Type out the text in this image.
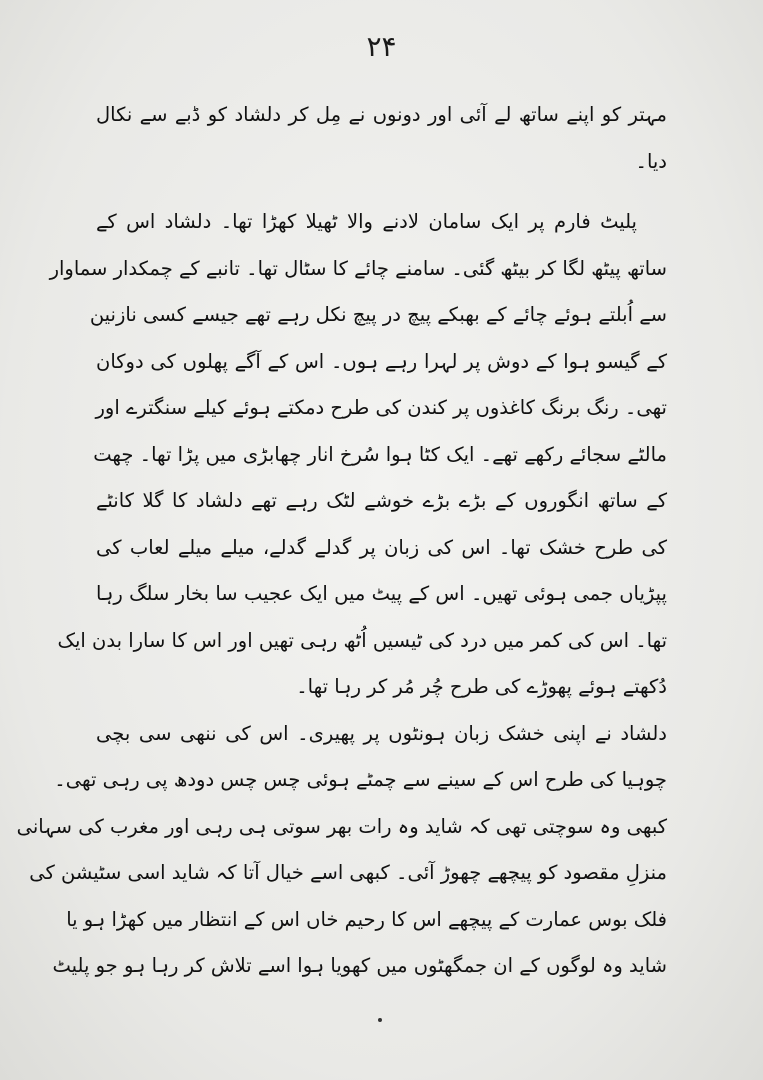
۲۴
مہتر کو اپنے ساتھ لے آئی اور دونوں نے مِل کر دلشاد کو ڈبے سے نکال
دیا۔
پلیٹ فارم پر ایک سامان لادنے والا ٹھیلا کھڑا تھا۔ دلشاد اس کے
ساتھ پیٹھ لگا کر بیٹھ گئی۔ سامنے چائے کا سٹال تھا۔ تانبے کے چمکدار سماوار
سے اُبلتے ہوئے چائے کے بھبکے پیچ در پیچ نکل رہے تھے جیسے کسی نازنین
کے گیسو ہوا کے دوش پر لہرا رہے ہوں۔ اس کے آگے پھلوں کی دوکان
تھی۔ رنگ برنگ کاغذوں پر کندن کی طرح دمکتے ہوئے کیلے سنگترے اور
مالٹے سجائے رکھے تھے۔ ایک کٹا ہوا سُرخ انار چھابڑی میں پڑا تھا۔ چھت
کے ساتھ انگوروں کے بڑے بڑے خوشے لٹک رہے تھے دلشاد کا گلا کانٹے
کی طرح خشک تھا۔ اس کی زبان پر گدلے گدلے، میلے میلے لعاب کی
پپڑیاں جمی ہوئی تھیں۔ اس کے پیٹ میں ایک عجیب سا بخار سلگ رہا
تھا۔ اس کی کمر میں درد کی ٹیسیں اُٹھ رہی تھیں اور اس کا سارا بدن ایک
دُکھتے ہوئے پھوڑے کی طرح چُر مُر کر رہا تھا۔
دلشاد نے اپنی خشک زبان ہونٹوں پر پھیری۔ اس کی ننھی سی بچی
چوہیا کی طرح اس کے سینے سے چمٹے ہوئی چس چس دودھ پی رہی تھی۔
کبھی وہ سوچتی تھی کہ شاید وہ رات بھر سوتی ہی رہی اور مغرب کی سہانی
منزلِ مقصود کو پیچھے چھوڑ آئی۔ کبھی اسے خیال آتا کہ شاید اسی سٹیشن کی
فلک بوس عمارت کے پیچھے اس کا رحیم خاں اس کے انتظار میں کھڑا ہو یا
شاید وہ لوگوں کے ان جمگھٹوں میں کھویا ہوا اسے تلاش کر رہا ہو جو پلیٹ
